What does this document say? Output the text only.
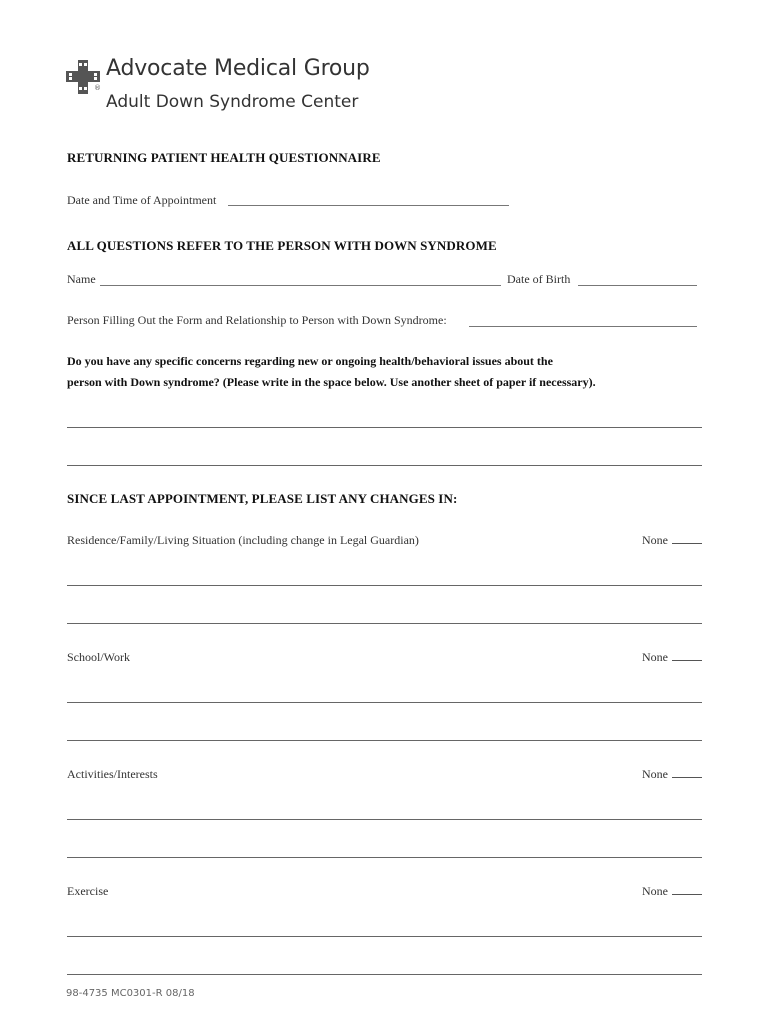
Advocate Medical Group
®
Adult Down Syndrome Center
RETURNING PATIENT HEALTH QUESTIONNAIRE
Date and Time of Appointment
ALL QUESTIONS REFER TO THE PERSON WITH DOWN SYNDROME
Name	Date of Birth
Person Filling Out the Form and Relationship to Person with Down Syndrome:
Do you have any specific concerns regarding new or ongoing health/behavioral issues about the
person with Down syndrome? (Please write in the space below. Use another sheet of paper if necessary).
SINCE LAST APPOINTMENT, PLEASE LIST ANY CHANGES IN:
Residence/Family/Living Situation (including change in Legal Guardian)	None
School/Work	None
Activities/Interests	None
Exercise	None
98-4735 MC0301-R 08/18
